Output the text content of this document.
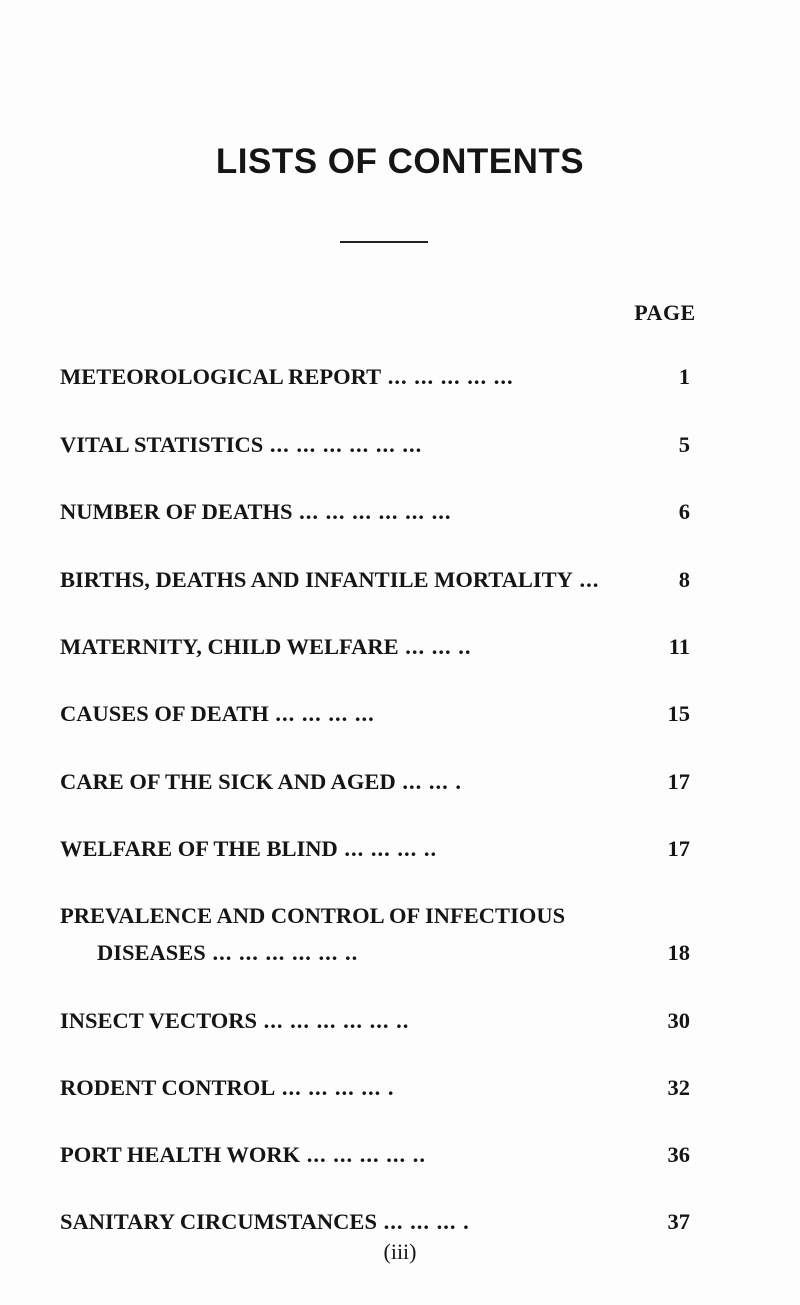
LISTS OF CONTENTS
PAGE
METEOROLOGICAL REPORT ... ... ... ... ...	1
VITAL STATISTICS ... ... ... ... ... ...	5
NUMBER OF DEATHS ... ... ... ... ... ...	6
BIRTHS, DEATHS AND INFANTILE MORTALITY ...	8
MATERNITY, CHILD WELFARE ... ... ..	11
CAUSES OF DEATH ... ... ... ...	15
CARE OF THE SICK AND AGED ... ... .	17
WELFARE OF THE BLIND ... ... ... ..	17
PREVALENCE AND CONTROL OF INFECTIOUS
DISEASES ... ... ... ... ... ..	18
INSECT VECTORS ... ... ... ... ... ..	30
RODENT CONTROL ... ... ... ... .	32
PORT HEALTH WORK ... ... ... ... ..	36
SANITARY CIRCUMSTANCES ... ... ... .	37
(iii)
